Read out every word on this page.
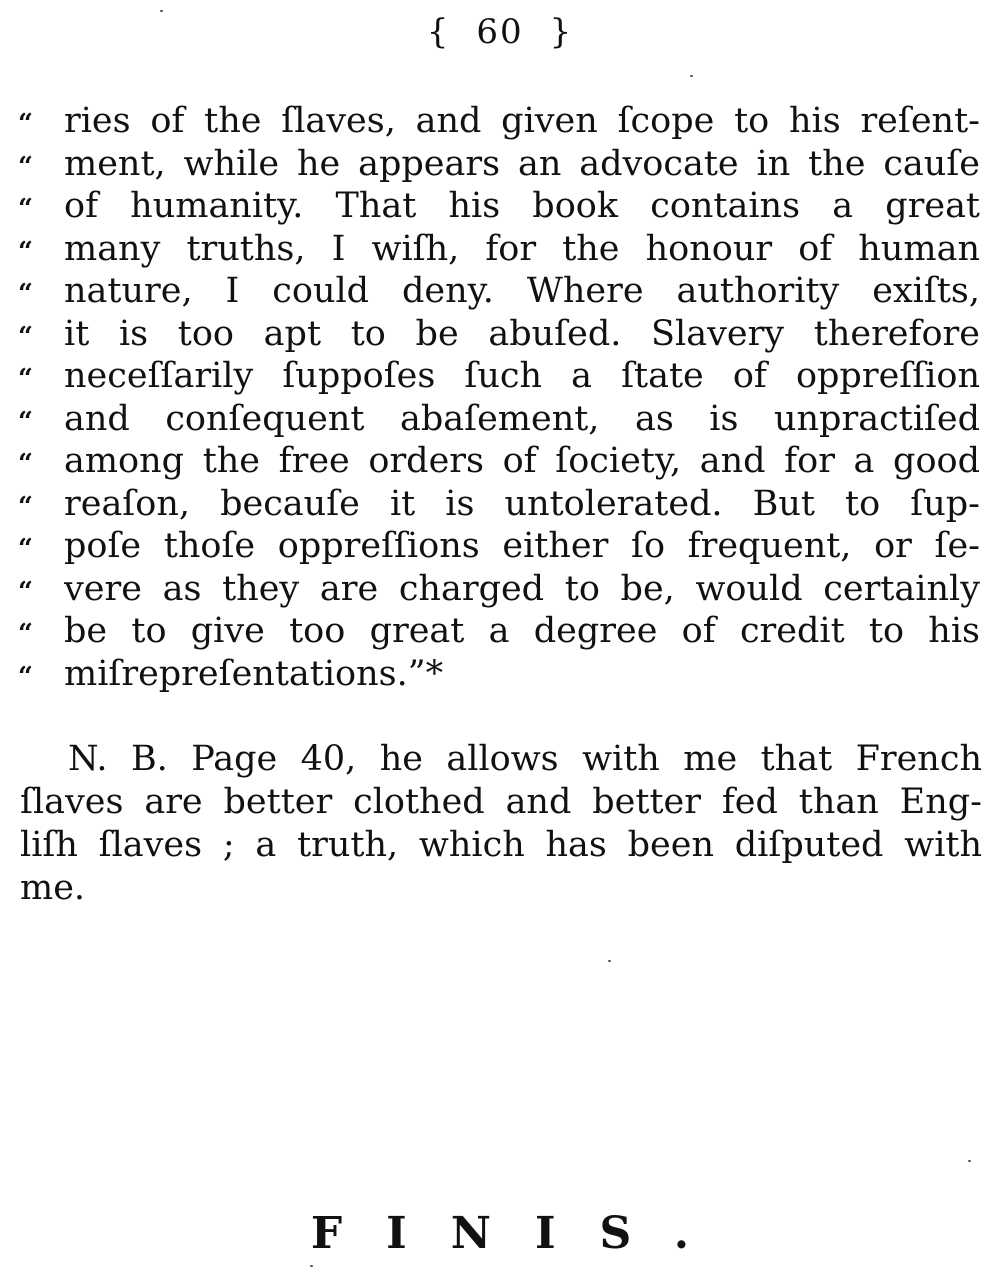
{ 60 }
“ ries of the ſlaves, and given ſcope to his reſent-
“ ment, while he appears an advocate in the cauſe
“ of humanity. That his book contains a great
“ many truths, I wiſh, for the honour of human
“ nature, I could deny. Where authority exiſts,
“ it is too apt to be abuſed. Slavery therefore
“ neceſſarily ſuppoſes ſuch a ſtate of oppreſſion
“ and conſequent abaſement, as is unpractiſed
“ among the free orders of ſociety, and for a good
“ reaſon, becauſe it is untolerated. But to ſup-
“ poſe thoſe oppreſſions either ſo frequent, or ſe-
“ vere as they are charged to be, would certainly
“ be to give too great a degree of credit to his
“ miſrepreſentations.”*
N. B. Page 40, he allows with me that French
ſlaves are better clothed and better fed than Eng-
liſh ſlaves ; a truth, which has been diſputed with
me.
FINIS.
